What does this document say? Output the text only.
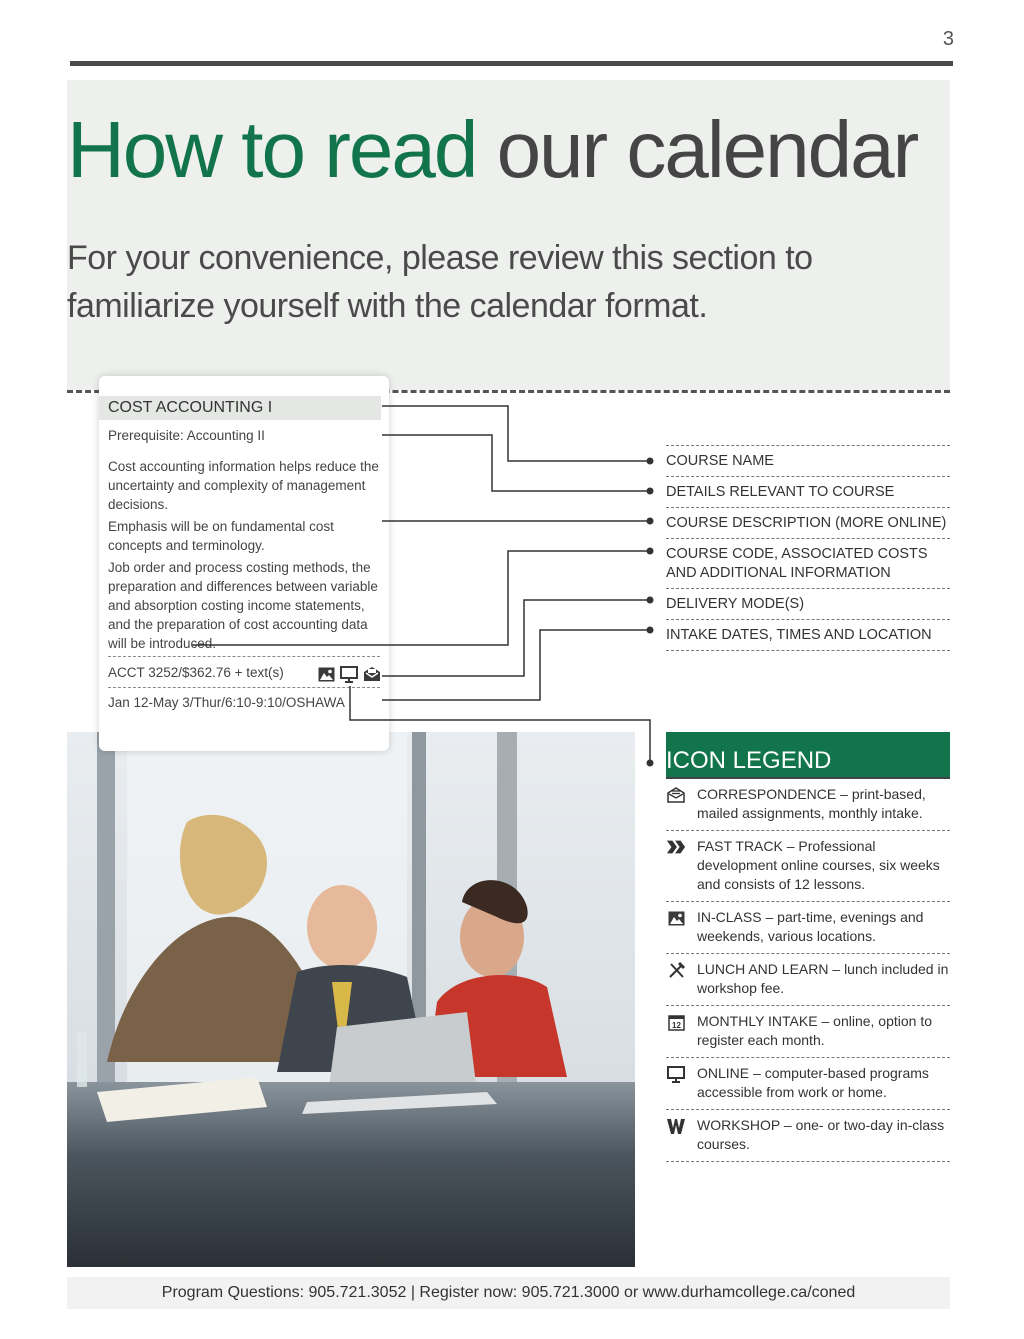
3
How to read our calendar

For your convenience, please review this section to familiarize yourself with the calendar format.

COST ACCOUNTING I
Prerequisite: Accounting II
Cost accounting information helps reduce the uncertainty and complexity of management decisions.
Emphasis will be on fundamental cost concepts and terminology.
Job order and process costing methods, the preparation and differences between variable and absorption costing income statements, and the preparation of cost accounting data will be introduced.
ACCT 3252/$362.76 + text(s)
Jan 12-May 3/Thur/6:10-9:10/OSHAWA
COURSE NAME
DETAILS RELEVANT TO COURSE
COURSE DESCRIPTION (MORE ONLINE)
COURSE CODE, ASSOCIATED COSTS AND ADDITIONAL INFORMATION
DELIVERY MODE(S)
INTAKE DATES, TIMES AND LOCATION
ICON LEGEND
CORRESPONDENCE – print-based, mailed assignments, monthly intake.
FAST TRACK – Professional development online courses, six weeks and consists of 12 lessons.
IN-CLASS – part-time, evenings and weekends, various locations.
LUNCH AND LEARN – lunch included in workshop fee.
12 MONTHLY INTAKE – online, option to register each month.
ONLINE – computer-based programs accessible from work or home.
WORKSHOP – one- or two-day in-class courses.
Program Questions: 905.721.3052 | Register now: 905.721.3000 or www.durhamcollege.ca/coned
